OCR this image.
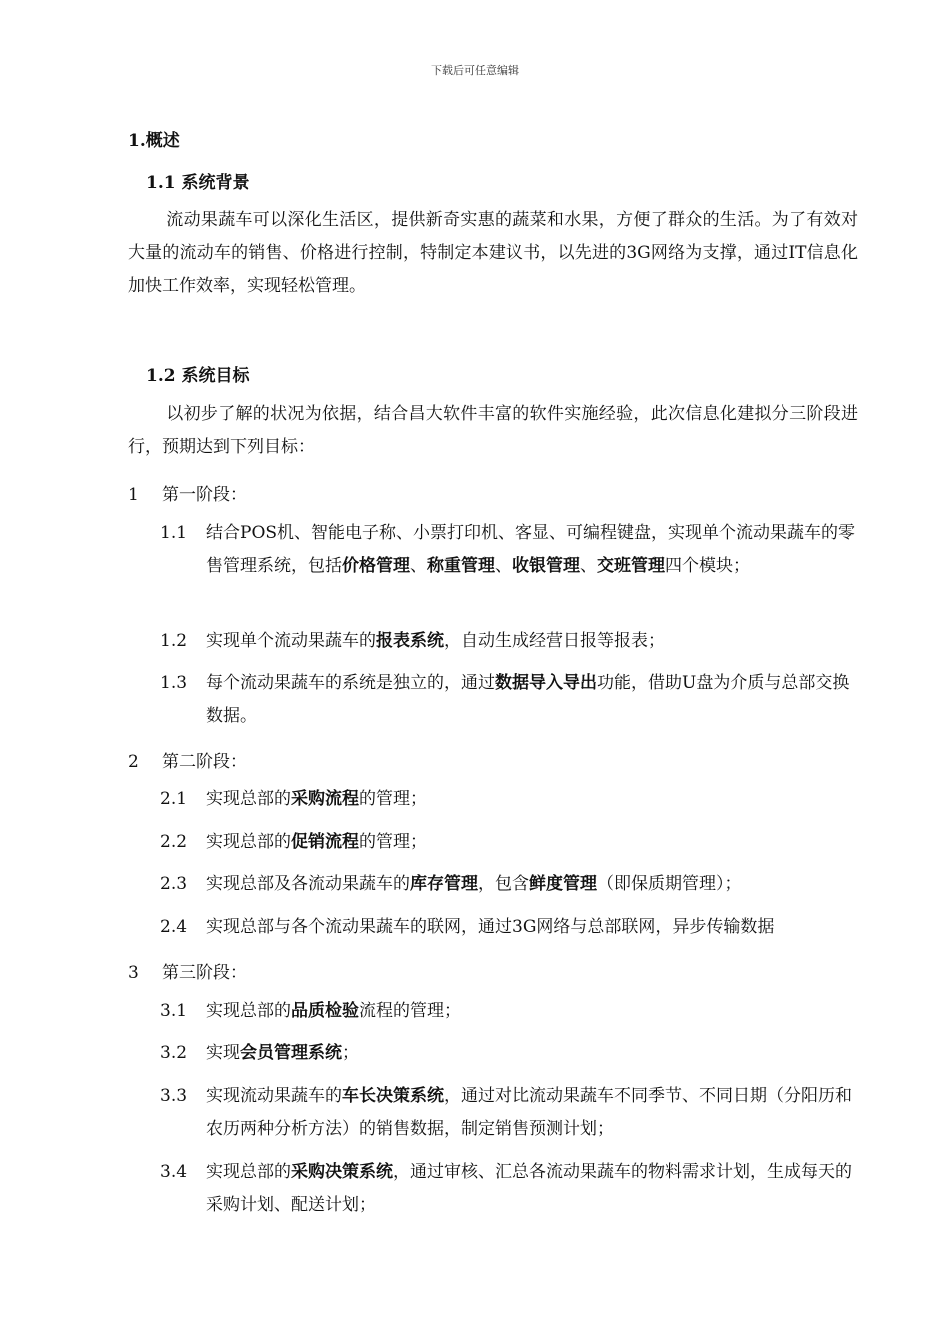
下载后可任意编辑
1.概述
1.1 系统背景
流动果蔬车可以深化生活区，提供新奇实惠的蔬菜和水果，方便了群众的生活。为了有效对大量的流动车的销售、价格进行控制，特制定本建议书，以先进的3G网络为支撑，通过IT信息化加快工作效率，实现轻松管理。
1.2 系统目标
以初步了解的状况为依据，结合昌大软件丰富的软件实施经验，此次信息化建拟分三阶段进行，预期达到下列目标：
1 第一阶段：
1.1 结合POS机、智能电子称、小票打印机、客显、可编程键盘，实现单个流动果蔬车的零售管理系统，包括价格管理、称重管理、收银管理、交班管理四个模块；
1.2 实现单个流动果蔬车的报表系统，自动生成经营日报等报表；
1.3 每个流动果蔬车的系统是独立的，通过数据导入导出功能，借助U盘为介质与总部交换数据。
2 第二阶段：
2.1 实现总部的采购流程的管理；
2.2 实现总部的促销流程的管理；
2.3 实现总部及各流动果蔬车的库存管理，包含鲜度管理（即保质期管理）；
2.4 实现总部与各个流动果蔬车的联网，通过3G网络与总部联网，异步传输数据
3 第三阶段：
3.1 实现总部的品质检验流程的管理；
3.2 实现会员管理系统；
3.3 实现流动果蔬车的车长决策系统，通过对比流动果蔬车不同季节、不同日期（分阳历和农历两种分析方法）的销售数据，制定销售预测计划；
3.4 实现总部的采购决策系统，通过审核、汇总各流动果蔬车的物料需求计划，生成每天的采购计划、配送计划；
